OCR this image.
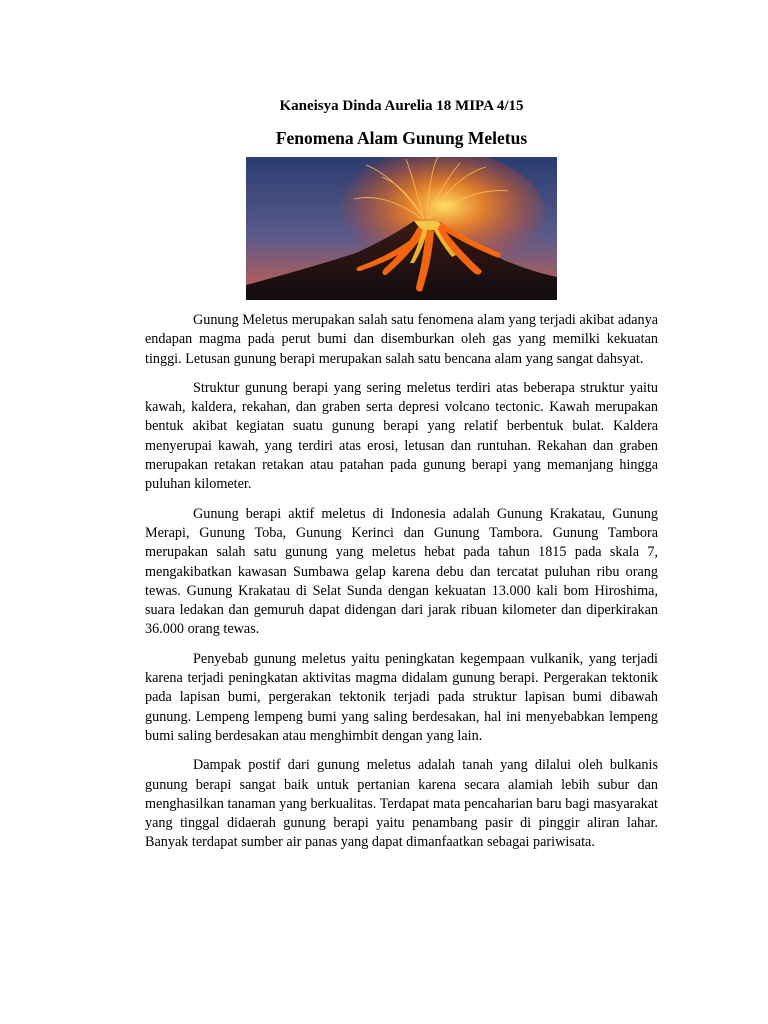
Kaneisya Dinda Aurelia 18 MIPA 4/15
Fenomena Alam Gunung Meletus

Gunung Meletus merupakan salah satu fenomena alam yang terjadi akibat adanya endapan magma pada perut bumi dan disemburkan oleh gas yang memilki kekuatan tinggi. Letusan gunung berapi merupakan salah satu bencana alam yang sangat dahsyat.

Struktur gunung berapi yang sering meletus terdiri atas beberapa struktur yaitu kawah, kaldera, rekahan, dan graben serta depresi volcano tectonic. Kawah merupakan bentuk akibat kegiatan suatu gunung berapi yang relatif berbentuk bulat. Kaldera menyerupai kawah, yang terdiri atas erosi, letusan dan runtuhan. Rekahan dan graben merupakan retakan retakan atau patahan pada gunung berapi yang memanjang hingga puluhan kilometer.

Gunung berapi aktif meletus di Indonesia adalah Gunung Krakatau, Gunung Merapi, Gunung Toba, Gunung Kerinci dan Gunung Tambora. Gunung Tambora merupakan salah satu gunung yang meletus hebat pada tahun 1815 pada skala 7, mengakibatkan kawasan Sumbawa gelap karena debu dan tercatat puluhan ribu orang tewas. Gunung Krakatau di Selat Sunda dengan kekuatan 13.000 kali bom Hiroshima, suara ledakan dan gemuruh dapat didengan dari jarak ribuan kilometer dan diperkirakan 36.000 orang tewas.

Penyebab gunung meletus yaitu peningkatan kegempaan vulkanik, yang terjadi karena terjadi peningkatan aktivitas magma didalam gunung berapi. Pergerakan tektonik pada lapisan bumi, pergerakan tektonik terjadi pada struktur lapisan bumi dibawah gunung. Lempeng lempeng bumi yang saling berdesakan, hal ini menyebabkan lempeng bumi saling berdesakan atau menghimbit dengan yang lain.

Dampak postif dari gunung meletus adalah tanah yang dilalui oleh bulkanis gunung berapi sangat baik untuk pertanian karena secara alamiah lebih subur dan menghasilkan tanaman yang berkualitas. Terdapat mata pencaharian baru bagi masyarakat yang tinggal didaerah gunung berapi yaitu penambang pasir di pinggir aliran lahar. Banyak terdapat sumber air panas yang dapat dimanfaatkan sebagai pariwisata.
